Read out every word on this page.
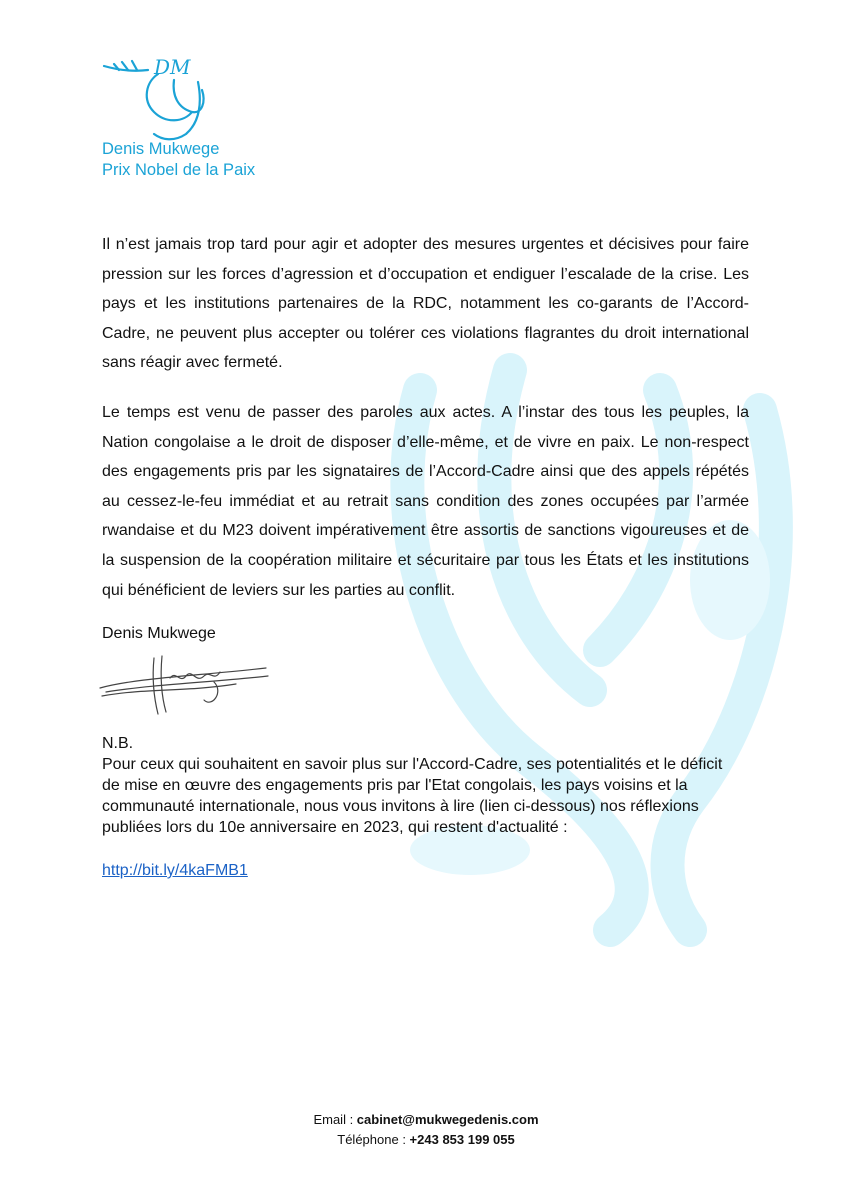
DM
Denis Mukwege
Prix Nobel de la Paix

Il n’est jamais trop tard pour agir et adopter des mesures urgentes et décisives pour faire pression sur les forces d’agression et d’occupation et endiguer l’escalade de la crise. Les pays et les institutions partenaires de la RDC, notamment les co-garants de l’Accord-Cadre, ne peuvent plus accepter ou tolérer ces violations flagrantes du droit international sans réagir avec fermeté.

Le temps est venu de passer des paroles aux actes. A l’instar des tous les peuples, la Nation congolaise a le droit de disposer d’elle-même, et de vivre en paix. Le non-respect des engagements pris par les signataires de l’Accord-Cadre ainsi que des appels répétés au cessez-le-feu immédiat et au retrait sans condition des zones occupées par l’armée rwandaise et du M23 doivent impérativement être assortis de sanctions vigoureuses et de la suspension de la coopération militaire et sécuritaire par tous les États et les institutions qui bénéficient de leviers sur les parties au conflit.

Denis Mukwege

N.B.

Pour ceux qui souhaitent en savoir plus sur l'Accord-Cadre, ses potentialités et le déficit de mise en œuvre des engagements pris par l'Etat congolais, les pays voisins et la communauté internationale, nous vous invitons à lire (lien ci-dessous) nos réflexions publiées lors du 10e anniversaire en 2023, qui restent d'actualité :

http://bit.ly/4kaFMB1
Email : cabinet@mukwegedenis.com
Téléphone : +243 853 199 055
